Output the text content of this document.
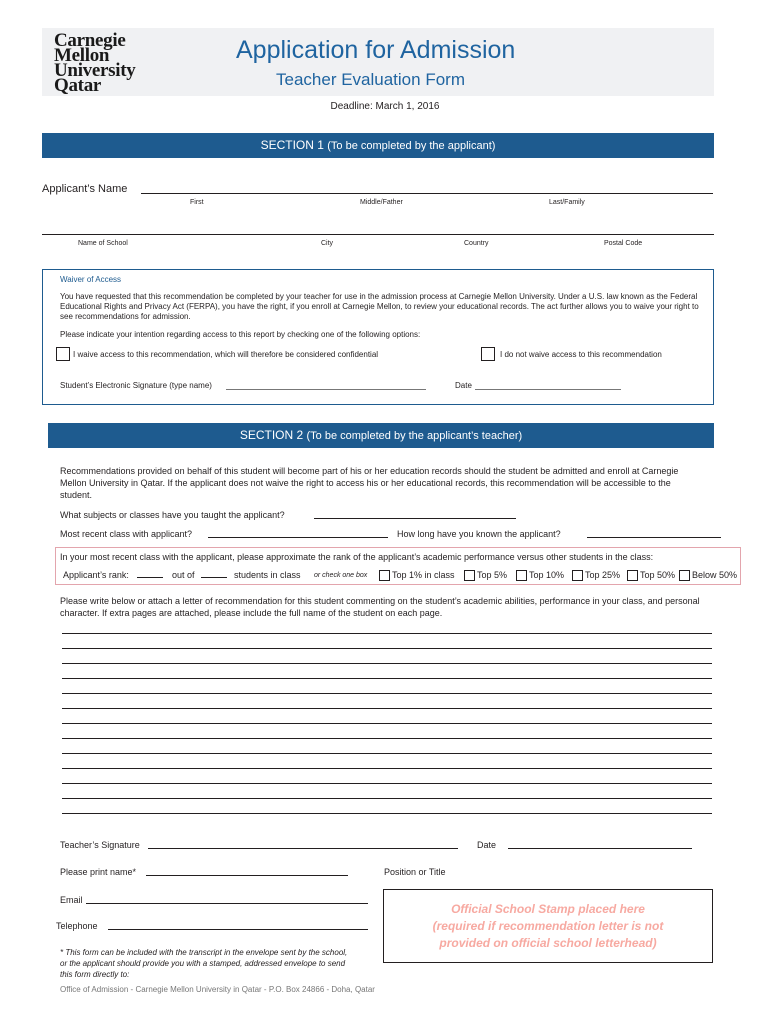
Carnegie
Mellon
University
Qatar
Application for Admission
Teacher Evaluation Form
Deadline: March 1, 2016
SECTION 1 (To be completed by the applicant)
Applicant’s Name
First	Middle/Father	Last/Family
Name of School	City	Country	Postal Code
Waiver of Access
You have requested that this recommendation be completed by your teacher for use in the admission process at Carnegie Mellon University. Under a U.S. law known as the Federal Educational Rights and Privacy Act (FERPA), you have the right, if you enroll at Carnegie Mellon, to review your educational records. The act further allows you to waive your right to see recommendations for admission.
Please indicate your intention regarding access to this report by checking one of the following options:
I waive access to this recommendation, which will therefore be considered confidential	I do not waive access to this recommendation
Student’s Electronic Signature (type name)	Date
SECTION 2 (To be completed by the applicant’s teacher)
Recommendations provided on behalf of this student will become part of his or her education records should the student be admitted and enroll at Carnegie Mellon University in Qatar. If the applicant does not waive the right to access his or her educational records, this recommendation will be accessible to the student.
What subjects or classes have you taught the applicant?
Most recent class with applicant?	How long have you known the applicant?
In your most recent class with the applicant, please approximate the rank of the applicant’s academic performance versus other students in the class:
Applicant’s rank:	out of	students in class or check one box	Top 1% in class Top 5% Top 10% Top 25% Top 50% Below 50%
Please write below or attach a letter of recommendation for this student commenting on the student’s academic abilities, performance in your class, and personal character. If extra pages are attached, please include the full name of the student on each page.
Teacher’s Signature	Date
Please print name*	Position or Title
Email
Telephone
* This form can be included with the transcript in the envelope sent by the school, or the applicant should provide you with a stamped, addressed envelope to send this form directly to:
Official School Stamp placed here
(required if recommendation letter is not
provided on official school letterhead)
Office of Admission - Carnegie Mellon University in Qatar - P.O. Box 24866 - Doha, Qatar
